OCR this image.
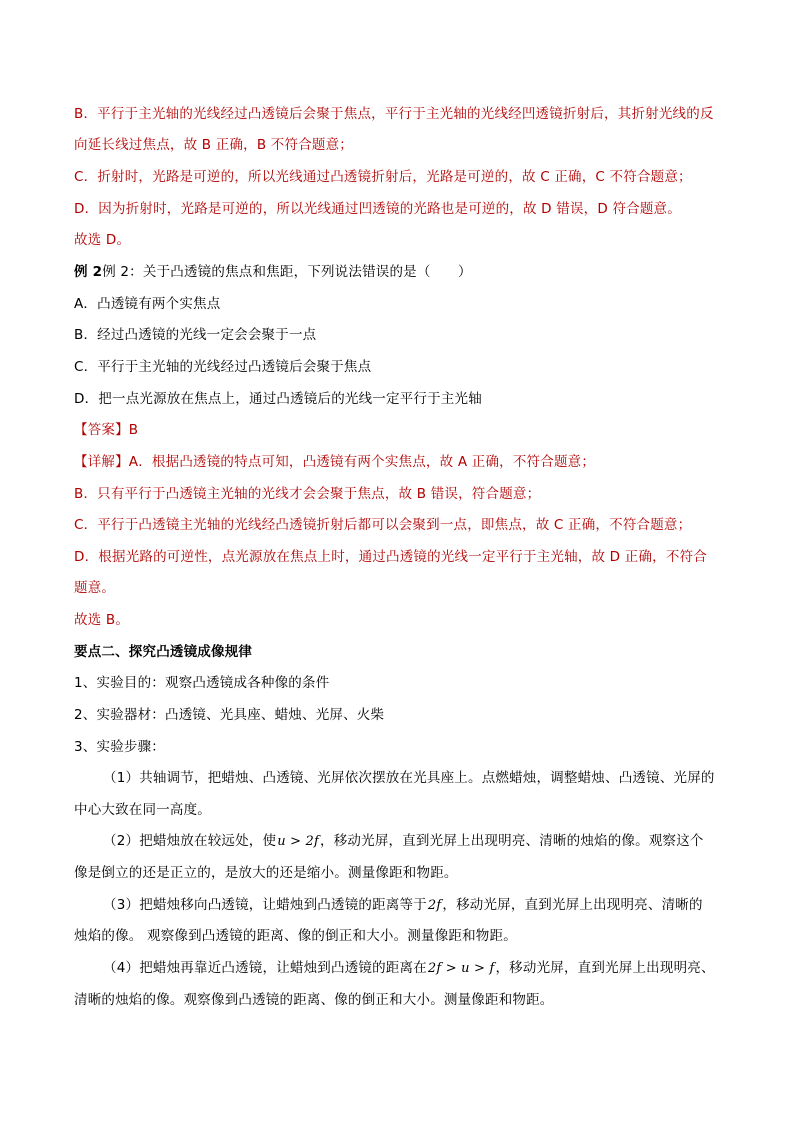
B．平行于主光轴的光线经过凸透镜后会聚于焦点，平行于主光轴的光线经凹透镜折射后，其折射光线的反
向延长线过焦点，故 B 正确，B 不符合题意；
C．折射时，光路是可逆的，所以光线通过凸透镜折射后，光路是可逆的，故 C 正确，C 不符合题意；
D．因为折射时，光路是可逆的，所以光线通过凹透镜的光路也是可逆的，故 D 错误，D 符合题意。
故选 D。
例 2例 2：关于凸透镜的焦点和焦距，下列说法错误的是（　　）
A．凸透镜有两个实焦点
B．经过凸透镜的光线一定会会聚于一点
C．平行于主光轴的光线经过凸透镜后会聚于焦点
D．把一点光源放在焦点上，通过凸透镜后的光线一定平行于主光轴
【答案】B
【详解】A．根据凸透镜的特点可知，凸透镜有两个实焦点，故 A 正确，不符合题意；
B．只有平行于凸透镜主光轴的光线才会会聚于焦点，故 B 错误，符合题意；
C．平行于凸透镜主光轴的光线经凸透镜折射后都可以会聚到一点，即焦点，故 C 正确，不符合题意；
D．根据光路的可逆性，点光源放在焦点上时，通过凸透镜的光线一定平行于主光轴，故 D 正确，不符合
题意。
故选 B。
要点二、探究凸透镜成像规律
1、实验目的：观察凸透镜成各种像的条件
2、实验器材：凸透镜、光具座、蜡烛、光屏、火柴
3、实验步骤：
（1）共轴调节，把蜡烛、凸透镜、光屏依次摆放在光具座上。点燃蜡烛，调整蜡烛、凸透镜、光屏的
中心大致在同一高度。
（2）把蜡烛放在较远处，使u > 2f，移动光屏，直到光屏上出现明亮、清晰的烛焰的像。观察这个
像是倒立的还是正立的，是放大的还是缩小。测量像距和物距。
（3）把蜡烛移向凸透镜，让蜡烛到凸透镜的距离等于2f，移动光屏，直到光屏上出现明亮、清晰的
烛焰的像。 观察像到凸透镜的距离、像的倒正和大小。测量像距和物距。
（4）把蜡烛再靠近凸透镜，让蜡烛到凸透镜的距离在2f > u > f，移动光屏，直到光屏上出现明亮、
清晰的烛焰的像。观察像到凸透镜的距离、像的倒正和大小。测量像距和物距。
